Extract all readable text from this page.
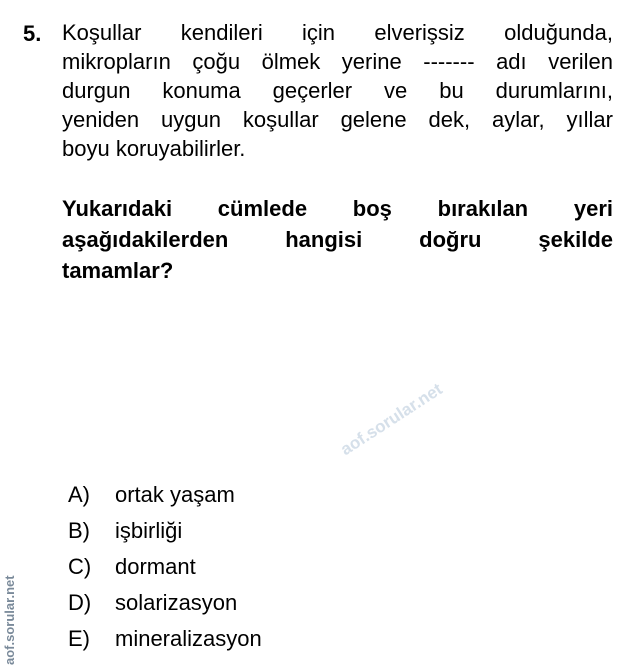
5. Koşullar kendileri için elverişsiz olduğunda,
mikropların çoğu ölmek yerine ------- adı verilen
durgun konuma geçerler ve bu durumlarını,
yeniden uygun koşullar gelene dek, aylar, yıllar
boyu koruyabilirler.
Yukarıdaki cümlede boş bırakılan yeri
aşağıdakilerden hangisi doğru şekilde
tamamlar?
aof.sorular.net
A)	ortak yaşam
B)	işbirliği
C)	dormant
D)	solarizasyon
E)	mineralizasyon
aof.sorular.net
